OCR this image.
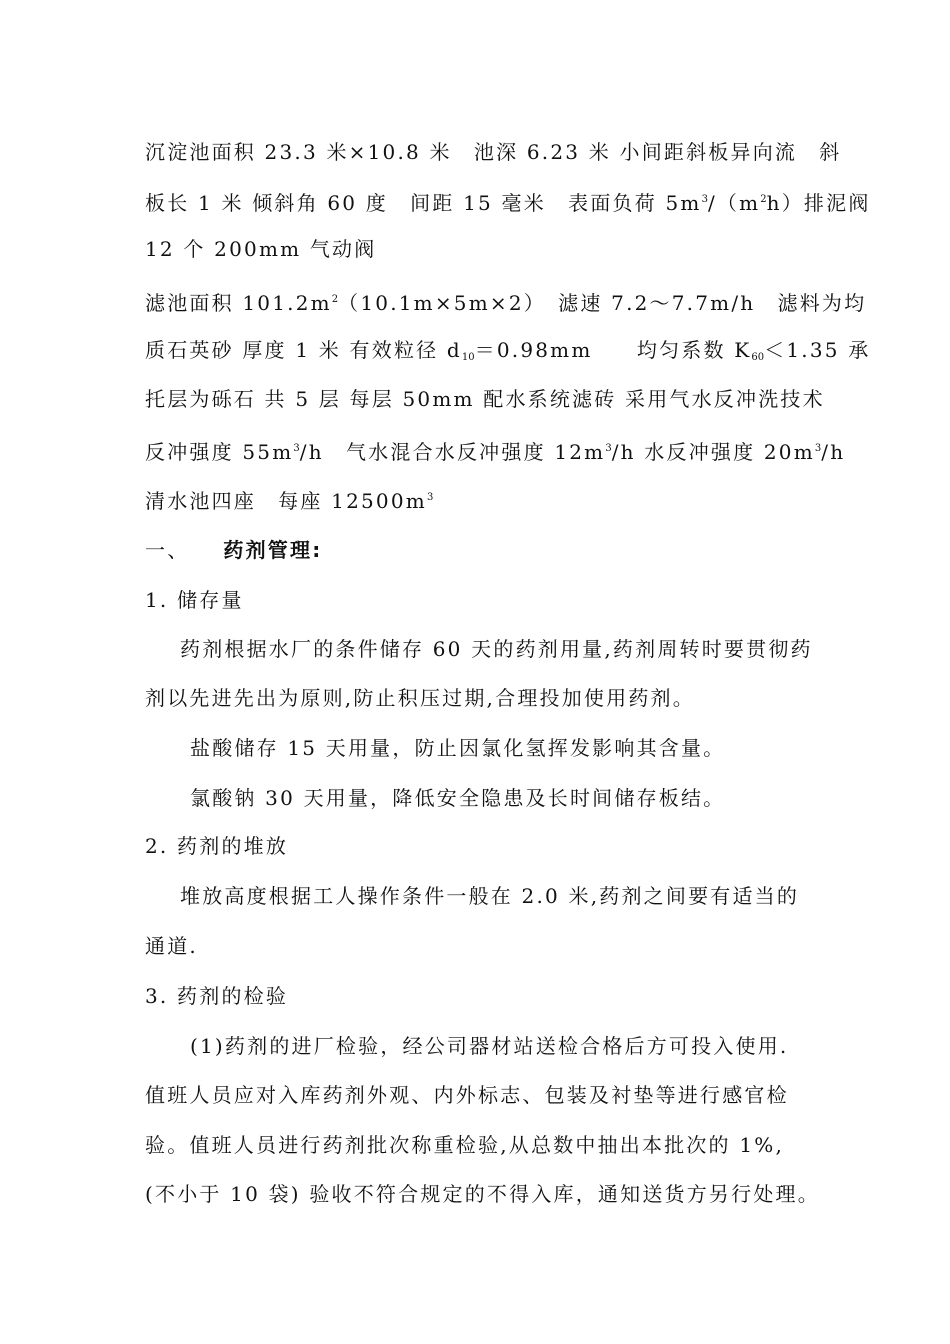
沉淀池面积 23.3 米×10.8 米　池深 6.23 米 小间距斜板异向流　斜
板长 1 米 倾斜角 60 度　间距 15 毫米　表面负荷 $5m^3/(m^2h)$排泥阀
12 个 200mm 气动阀
滤池面积 $101.2m^2(10.1m\times 5m\times 2)$　滤速 7.2～7.7m/h　滤料为均
质石英砂 厚度 1 米 有效粒径 $d_{10}=0.98mm$　　均匀系数 $K_{60}<1.35$ 承
托层为砾石 共 5 层 每层 50mm 配水系统滤砖 采用气水反冲洗技术
反冲强度 $55m^3/h$　气水混合水反冲强度 $12m^3/h$ 水反冲强度 $20m^3/h$
清水池四座　每座 $12500m^3$
一、 药剂管理:
1. 储存量
药剂根据水厂的条件储存 60 天的药剂用量,药剂周转时要贯彻药
剂以先进先出为原则,防止积压过期,合理投加使用药剂。
盐酸储存 15 天用量，防止因氯化氢挥发影响其含量。
氯酸钠 30 天用量，降低安全隐患及长时间储存板结。
2. 药剂的堆放
堆放高度根据工人操作条件一般在 2.0 米,药剂之间要有适当的
通道.
3. 药剂的检验
(1)药剂的进厂检验，经公司器材站送检合格后方可投入使用.
值班人员应对入库药剂外观、内外标志、包装及衬垫等进行感官检
验。值班人员进行药剂批次称重检验,从总数中抽出本批次的 1%,
(不小于 10 袋) 验收不符合规定的不得入库，通知送货方另行处理。
